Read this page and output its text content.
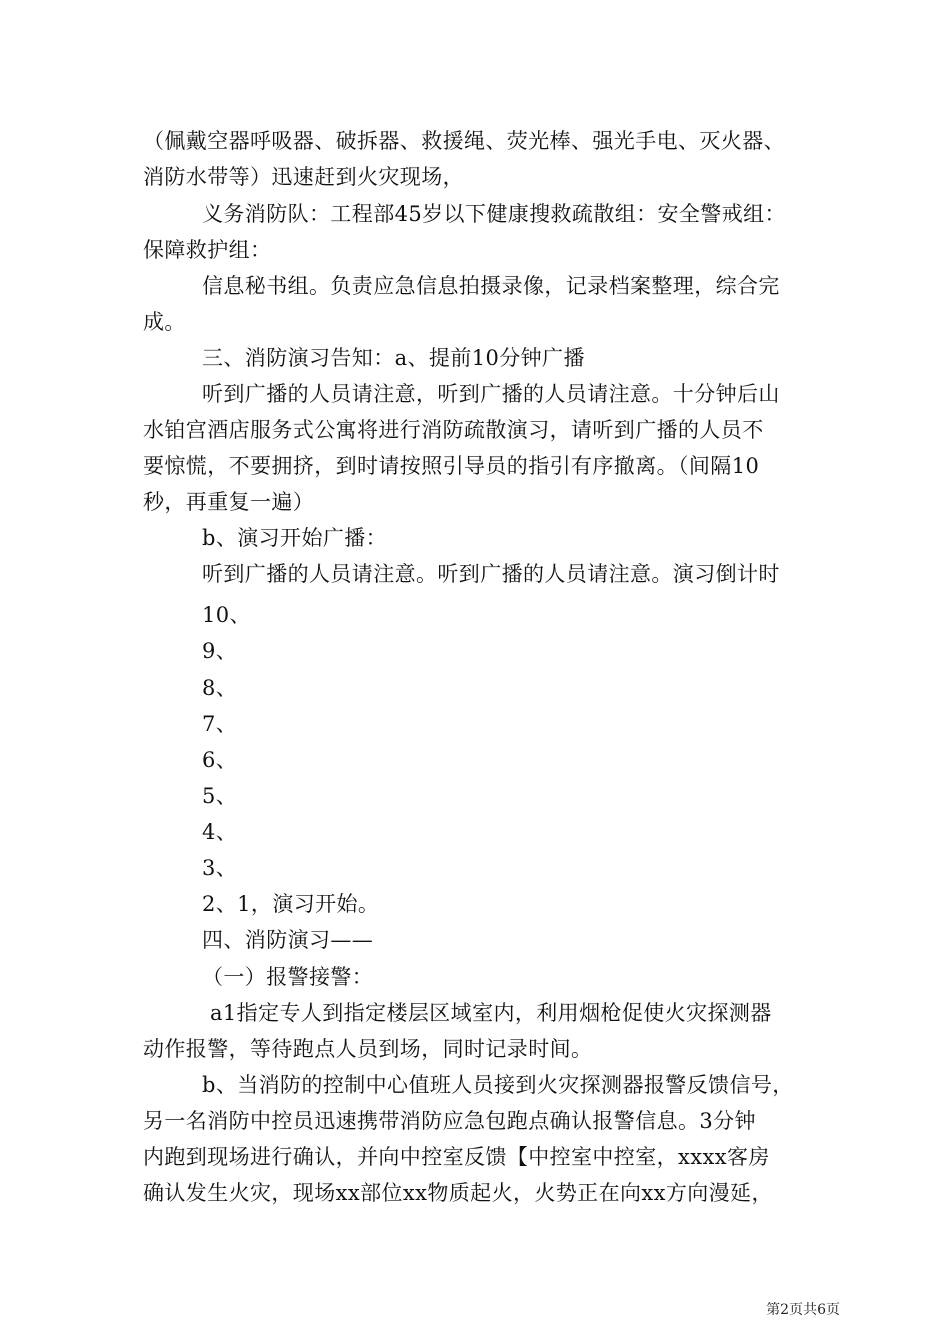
（佩戴空器呼吸器、破拆器、救援绳、荧光棒、强光手电、灭火器、
消防水带等）迅速赶到火灾现场，
义务消防队：工程部45岁以下健康搜救疏散组：安全警戒组：
保障救护组：
信息秘书组。负责应急信息拍摄录像，记录档案整理，综合完
成。
三、消防演习告知：a、提前10分钟广播
听到广播的人员请注意，听到广播的人员请注意。十分钟后山
水铂宫酒店服务式公寓将进行消防疏散演习，请听到广播的人员不
要惊慌，不要拥挤，到时请按照引导员的指引有序撤离。（间隔10
秒，再重复一遍）
b、演习开始广播：
听到广播的人员请注意。听到广播的人员请注意。演习倒计时
10、
9、
8、
7、
6、
5、
4、
3、
2、1，演习开始。
四、消防演习——
（一）报警接警：
a1指定专人到指定楼层区域室内，利用烟枪促使火灾探测器
动作报警，等待跑点人员到场，同时记录时间。
b、当消防的控制中心值班人员接到火灾探测器报警反馈信号，
另一名消防中控员迅速携带消防应急包跑点确认报警信息。3分钟
内跑到现场进行确认，并向中控室反馈【中控室中控室，xxxx客房
确认发生火灾，现场xx部位xx物质起火，火势正在向xx方向漫延，
第2页共6页
